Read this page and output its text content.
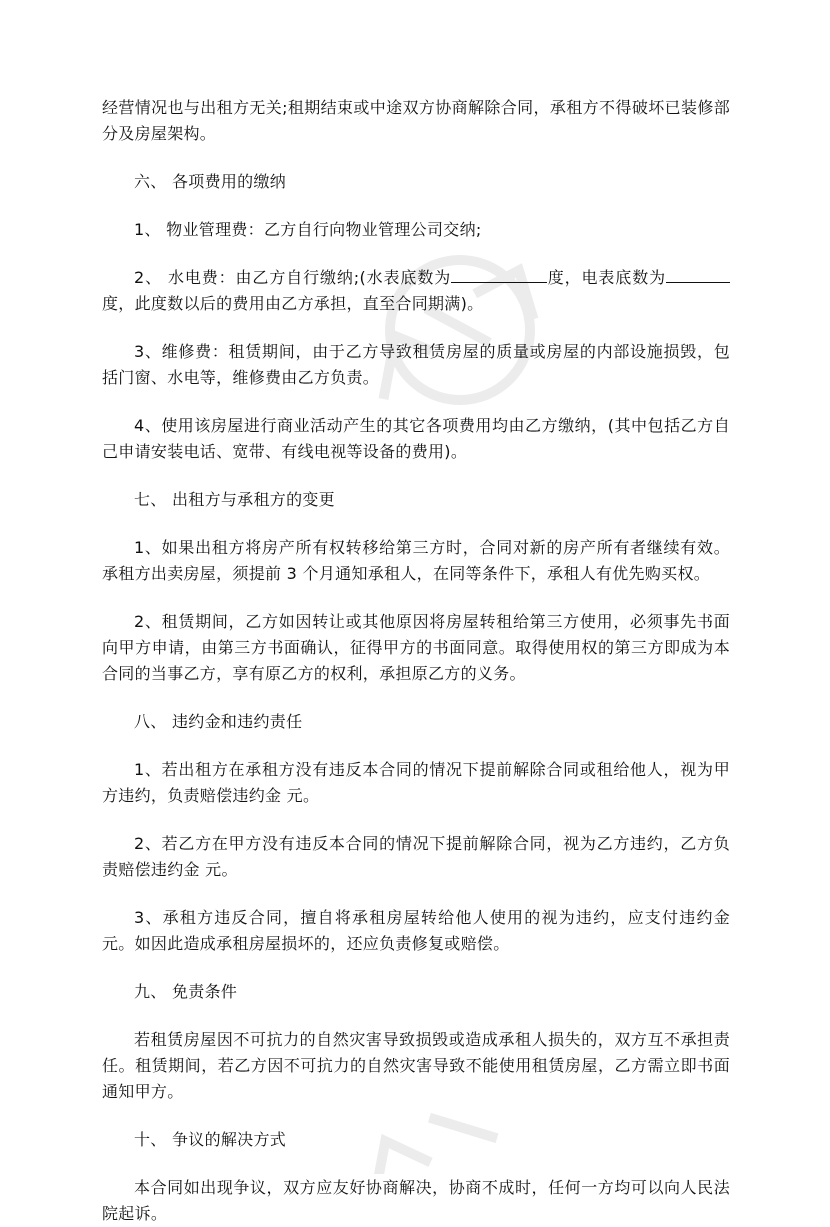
经营情况也与出租方无关;租期结束或中途双方协商解除合同，承租方不得破坏已装修部分及房屋架构。

六、 各项费用的缴纳

1、 物业管理费：乙方自行向物业管理公司交纳;

2、 水电费：由乙方自行缴纳;(水表底数为	度，电表底数为度，此度数以后的费用由乙方承担，直至合同期满)。

3、维修费：租赁期间，由于乙方导致租赁房屋的质量或房屋的内部设施损毁，包括门窗、水电等，维修费由乙方负责。

4、使用该房屋进行商业活动产生的其它各项费用均由乙方缴纳，(其中包括乙方自己申请安装电话、宽带、有线电视等设备的费用)。

七、 出租方与承租方的变更

1、如果出租方将房产所有权转移给第三方时，合同对新的房产所有者继续有效。承租方出卖房屋，须提前 3 个月通知承租人，在同等条件下，承租人有优先购买权。

2、租赁期间，乙方如因转让或其他原因将房屋转租给第三方使用，必须事先书面向甲方申请，由第三方书面确认，征得甲方的书面同意。取得使用权的第三方即成为本合同的当事乙方，享有原乙方的权利，承担原乙方的义务。

八、 违约金和违约责任

1、若出租方在承租方没有违反本合同的情况下提前解除合同或租给他人，视为甲方违约，负责赔偿违约金 元。

2、若乙方在甲方没有违反本合同的情况下提前解除合同，视为乙方违约，乙方负责赔偿违约金 元。

3、承租方违反合同，擅自将承租房屋转给他人使用的视为违约，应支付违约金 元。如因此造成承租房屋损坏的，还应负责修复或赔偿。

九、 免责条件

若租赁房屋因不可抗力的自然灾害导致损毁或造成承租人损失的，双方互不承担责任。租赁期间，若乙方因不可抗力的自然灾害导致不能使用租赁房屋，乙方需立即书面通知甲方。

十、 争议的解决方式

本合同如出现争议，双方应友好协商解决，协商不成时，任何一方均可以向人民法院起诉。
